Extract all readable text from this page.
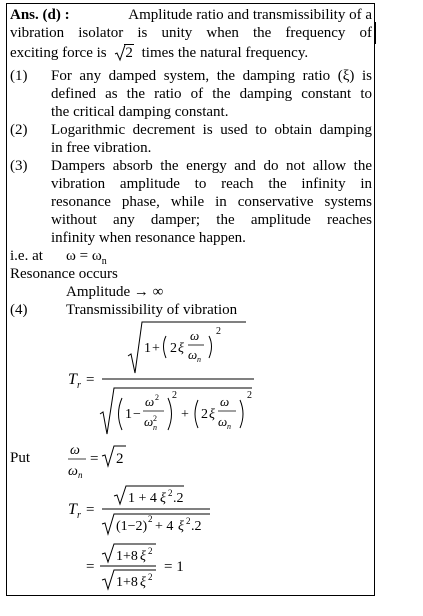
Ans. (d) :	Amplitude ratio and transmissibility of a
vibration isolator is unity when the frequency of
exciting force is 2 times the natural frequency.
(1) For any damped system, the damping ratio (ξ) is
defined as the ratio of the damping constant to
the critical damping constant.
(2) Logarithmic decrement is used to obtain damping
in free vibration.
(3) Dampers absorb the energy and do not allow the
vibration amplitude to reach the infinity in
resonance phase, while in conservative systems
without any damper; the amplitude reaches
infinity when resonance happen.
i.e. at $\omega = \omega_n$
Resonance occurs
Amplitude → ∞
(4)	Transmissibility of vibration
T r =
1 + 2 ξ
ω
ω n
2
1 −
ω 2
ω 2
n
2
+ 2 ξ
ω
ω n
2
Put	ω
ω n
= 2
T r =
1 + 4 ξ 2 .2
(1−2) 2 + 4 ξ 2 .2
=
1+8 ξ 2
1+8 ξ 2
= 1
